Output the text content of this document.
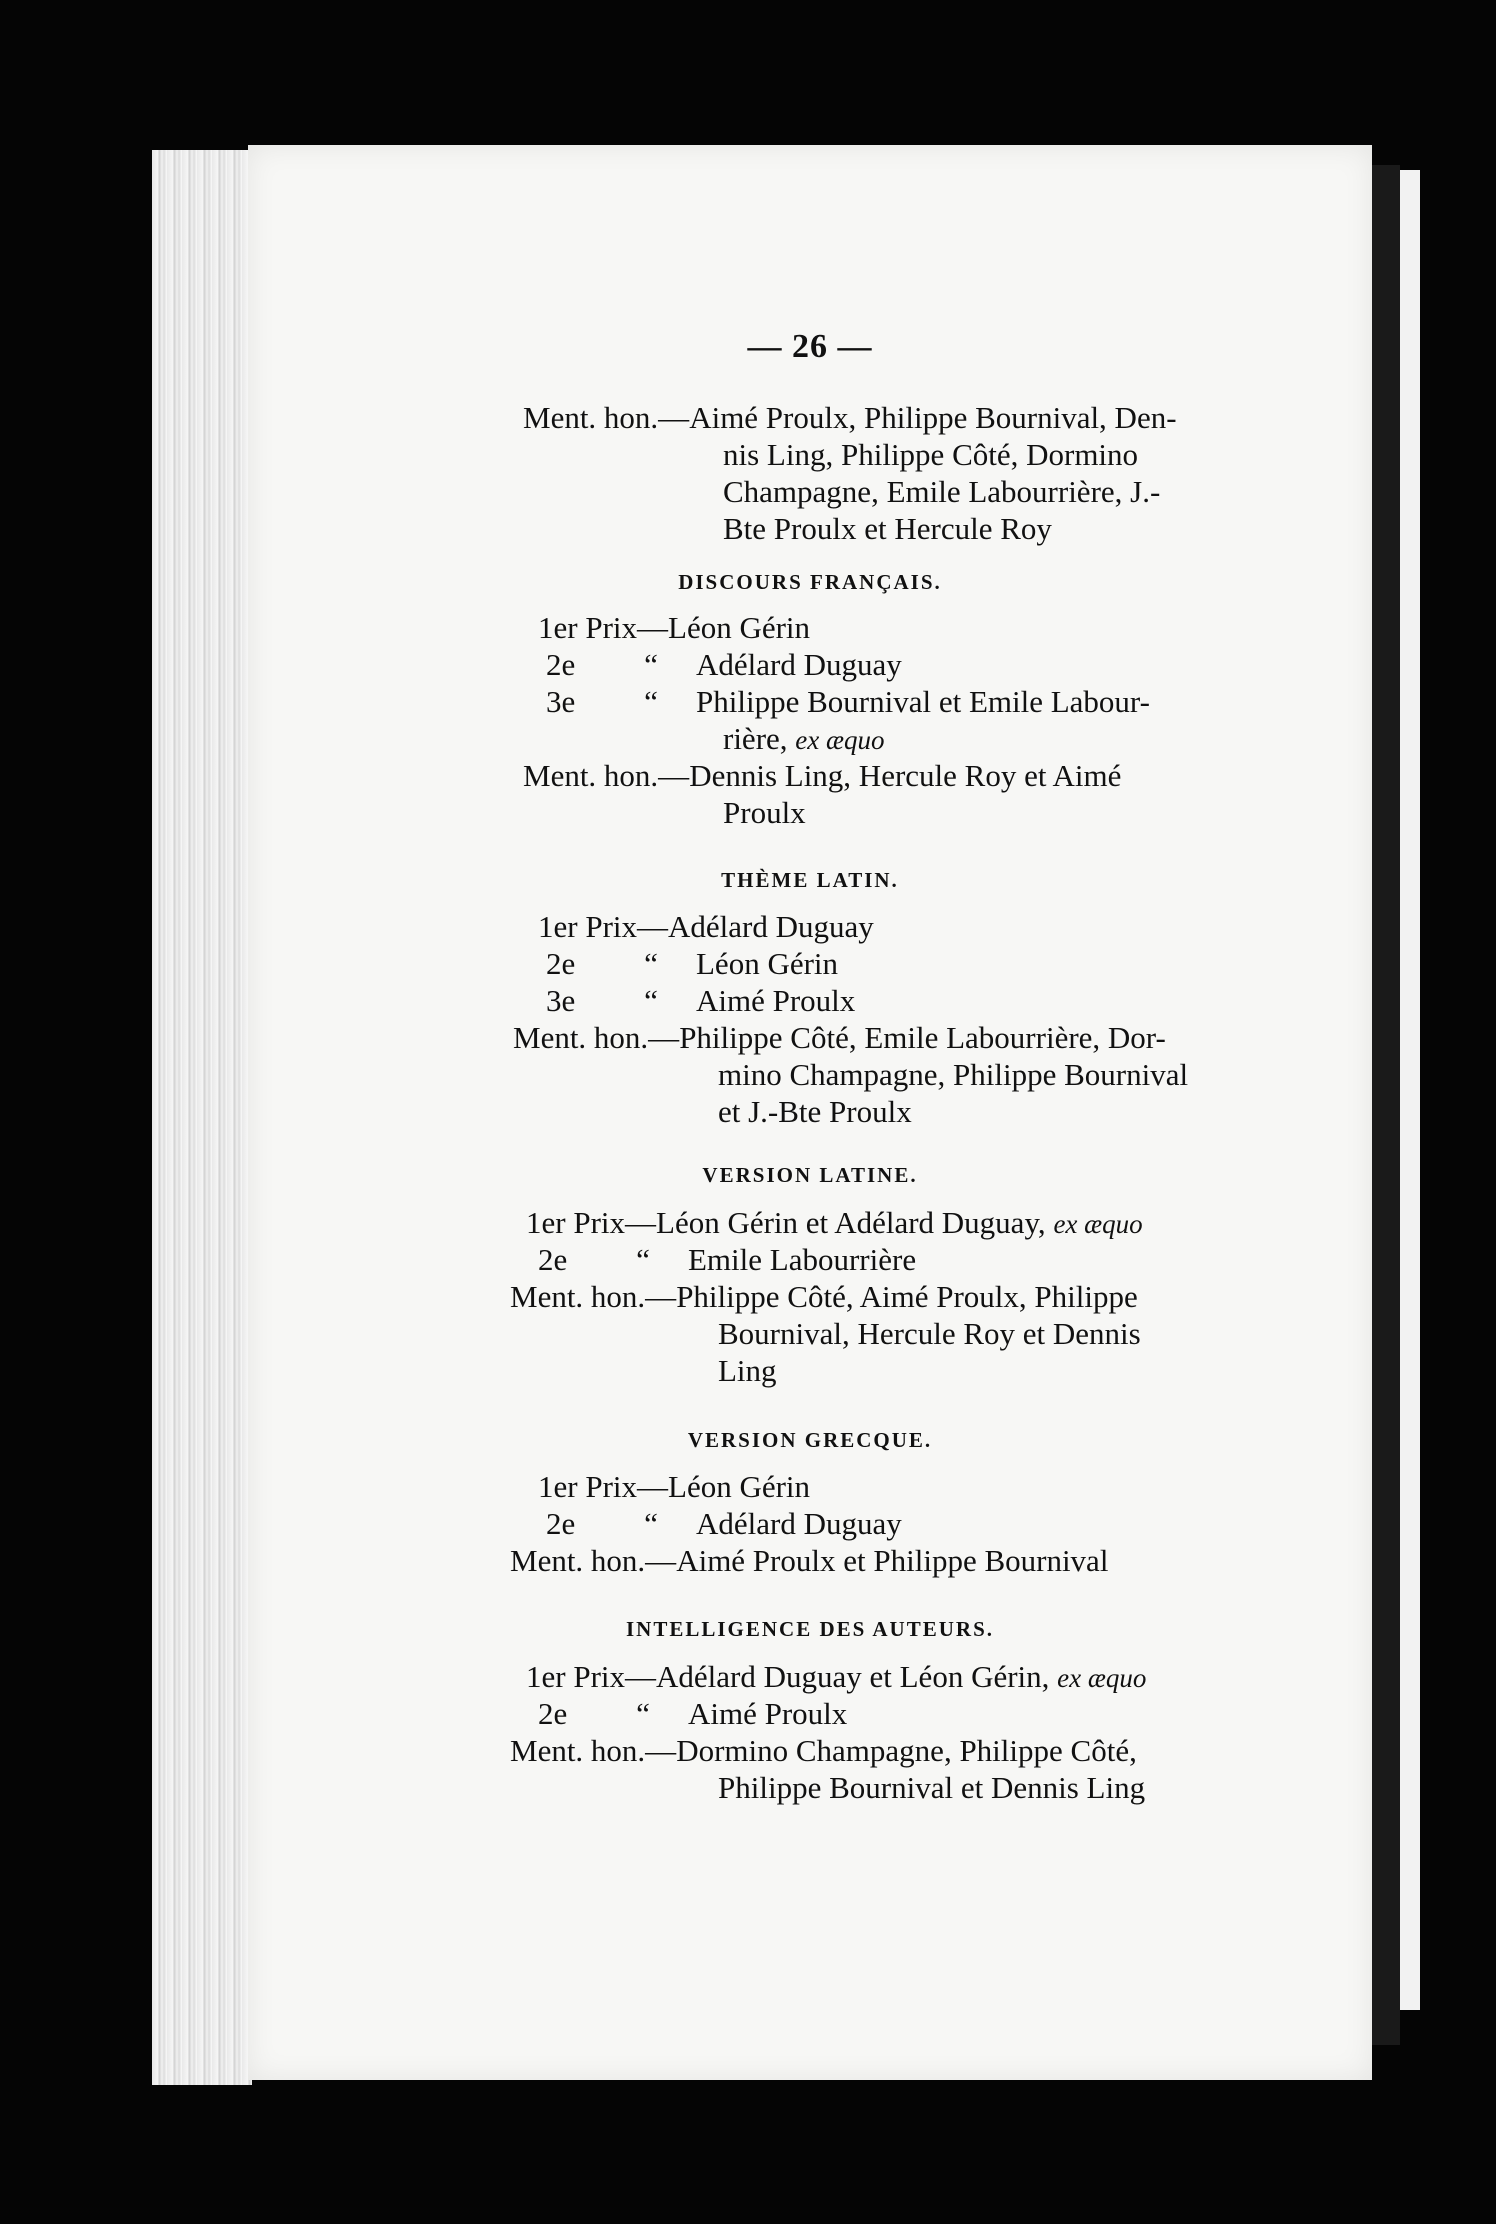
— 26 —
Ment. hon.—Aimé Proulx, Philippe Bournival, Den-
nis Ling, Philippe Côté, Dormino
Champagne, Emile Labourrière, J.-
Bte Proulx et Hercule Roy
DISCOURS FRANÇAIS.
1er Prix—Léon Gérin
2e “ Adélard Duguay
3e “ Philippe Bournival et Emile Labour-
rière, ex æquo
Ment. hon.—Dennis Ling, Hercule Roy et Aimé
Proulx
THÈME LATIN.
1er Prix—Adélard Duguay
2e “ Léon Gérin
3e “ Aimé Proulx
Ment. hon.—Philippe Côté, Emile Labourrière, Dor-
mino Champagne, Philippe Bournival
et J.-Bte Proulx
VERSION LATINE.
1er Prix—Léon Gérin et Adélard Duguay, ex æquo
2e “ Emile Labourrière
Ment. hon.—Philippe Côté, Aimé Proulx, Philippe
Bournival, Hercule Roy et Dennis
Ling
VERSION GRECQUE.
1er Prix—Léon Gérin
2e “ Adélard Duguay
Ment. hon.—Aimé Proulx et Philippe Bournival
INTELLIGENCE DES AUTEURS.
1er Prix—Adélard Duguay et Léon Gérin, ex æquo
2e “ Aimé Proulx
Ment. hon.—Dormino Champagne, Philippe Côté,
Philippe Bournival et Dennis Ling
